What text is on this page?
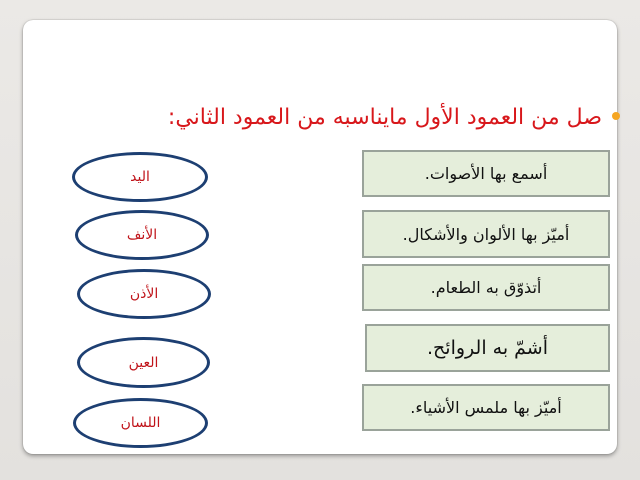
صل من العمود الأول مايناسبه من العمود الثاني:
أسمع بها الأصوات.
أميّز بها الألوان والأشكال.
أتذوّق به الطعام.
أشمّ به الروائح.
أميّز بها ملمس الأشياء.
اليد
الأنف
الأذن
العين
اللسان
